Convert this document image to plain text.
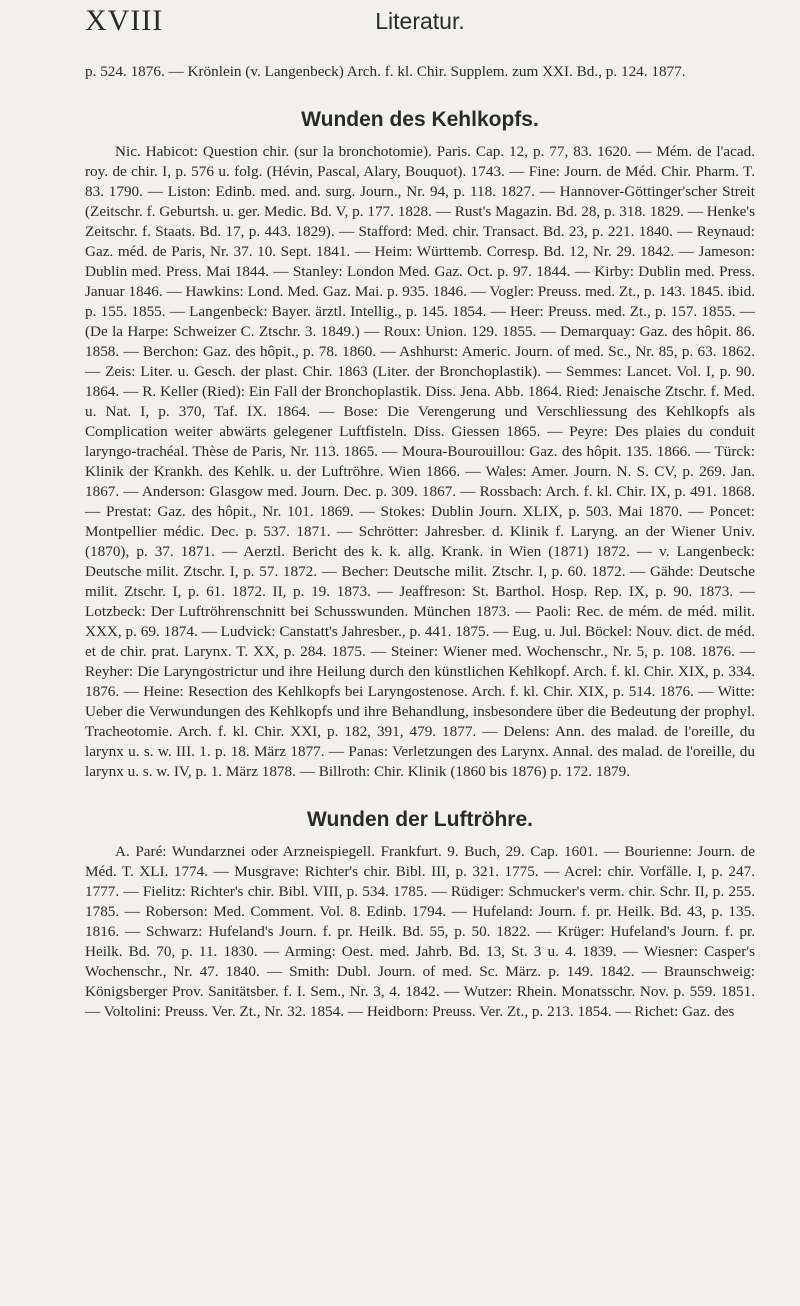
XVIII	Literatur.

p. 524. 1876. — Krönlein (v. Langenbeck) Arch. f. kl. Chir. Supplem. zum XXI. Bd., p. 124. 1877.

Wunden des Kehlkopfs.

Nic. Habicot: Question chir. (sur la bronchotomie). Paris. Cap. 12, p. 77, 83. 1620. — Mém. de l'acad. roy. de chir. I, p. 576 u. folg. (Hévin, Pascal, Alary, Bouquot). 1743. — Fine: Journ. de Méd. Chir. Pharm. T. 83. 1790. — Liston: Edinb. med. and. surg. Journ., Nr. 94, p. 118. 1827. — Hannover-Göttinger'scher Streit (Zeitschr. f. Geburtsh. u. ger. Medic. Bd. V, p. 177. 1828. — Rust's Magazin. Bd. 28, p. 318. 1829. — Henke's Zeitschr. f. Staats. Bd. 17, p. 443. 1829). — Stafford: Med. chir. Transact. Bd. 23, p. 221. 1840. — Reynaud: Gaz. méd. de Paris, Nr. 37. 10. Sept. 1841. — Heim: Württemb. Corresp. Bd. 12, Nr. 29. 1842. — Jameson: Dublin med. Press. Mai 1844. — Stanley: London Med. Gaz. Oct. p. 97. 1844. — Kirby: Dublin med. Press. Januar 1846. — Hawkins: Lond. Med. Gaz. Mai. p. 935. 1846. — Vogler: Preuss. med. Zt., p. 143. 1845. ibid. p. 155. 1855. — Langenbeck: Bayer. ärztl. Intellig., p. 145. 1854. — Heer: Preuss. med. Zt., p. 157. 1855. — (De la Harpe: Schweizer C. Ztschr. 3. 1849.) — Roux: Union. 129. 1855. — Demarquay: Gaz. des hôpit. 86. 1858. — Berchon: Gaz. des hôpit., p. 78. 1860. — Ashhurst: Americ. Journ. of med. Sc., Nr. 85, p. 63. 1862. — Zeis: Liter. u. Gesch. der plast. Chir. 1863 (Liter. der Bronchoplastik). — Semmes: Lancet. Vol. I, p. 90. 1864. — R. Keller (Ried): Ein Fall der Bronchoplastik. Diss. Jena. Abb. 1864. Ried: Jenaische Ztschr. f. Med. u. Nat. I, p. 370, Taf. IX. 1864. — Bose: Die Verengerung und Verschliessung des Kehlkopfs als Complication weiter abwärts gelegener Luftfisteln. Diss. Giessen 1865. — Peyre: Des plaies du conduit laryngo-trachéal. Thèse de Paris, Nr. 113. 1865. — Moura-Bourouillou: Gaz. des hôpit. 135. 1866. — Türck: Klinik der Krankh. des Kehlk. u. der Luftröhre. Wien 1866. — Wales: Amer. Journ. N. S. CV, p. 269. Jan. 1867. — Anderson: Glasgow med. Journ. Dec. p. 309. 1867. — Rossbach: Arch. f. kl. Chir. IX, p. 491. 1868. — Prestat: Gaz. des hôpit., Nr. 101. 1869. — Stokes: Dublin Journ. XLIX, p. 503. Mai 1870. — Poncet: Montpellier médic. Dec. p. 537. 1871. — Schrötter: Jahresber. d. Klinik f. Laryng. an der Wiener Univ. (1870), p. 37. 1871. — Aerztl. Bericht des k. k. allg. Krank. in Wien (1871) 1872. — v. Langenbeck: Deutsche milit. Ztschr. I, p. 57. 1872. — Becher: Deutsche milit. Ztschr. I, p. 60. 1872. — Gähde: Deutsche milit. Ztschr. I, p. 61. 1872. II, p. 19. 1873. — Jeaffreson: St. Barthol. Hosp. Rep. IX, p. 90. 1873. — Lotzbeck: Der Luftröhrenschnitt bei Schusswunden. München 1873. — Paoli: Rec. de mém. de méd. milit. XXX, p. 69. 1874. — Ludvick: Canstatt's Jahresber., p. 441. 1875. — Eug. u. Jul. Böckel: Nouv. dict. de méd. et de chir. prat. Larynx. T. XX, p. 284. 1875. — Steiner: Wiener med. Wochenschr., Nr. 5, p. 108. 1876. — Reyher: Die Laryngostrictur und ihre Heilung durch den künstlichen Kehlkopf. Arch. f. kl. Chir. XIX, p. 334. 1876. — Heine: Resection des Kehlkopfs bei Laryngostenose. Arch. f. kl. Chir. XIX, p. 514. 1876. — Witte: Ueber die Verwundungen des Kehlkopfs und ihre Behandlung, insbesondere über die Bedeutung der prophyl. Tracheotomie. Arch. f. kl. Chir. XXI, p. 182, 391, 479. 1877. — Delens: Ann. des malad. de l'oreille, du larynx u. s. w. III. 1. p. 18. März 1877. — Panas: Verletzungen des Larynx. Annal. des malad. de l'oreille, du larynx u. s. w. IV, p. 1. März 1878. — Billroth: Chir. Klinik (1860 bis 1876) p. 172. 1879.

Wunden der Luftröhre.

A. Paré: Wundarznei oder Arzneispiegell. Frankfurt. 9. Buch, 29. Cap. 1601. — Bourienne: Journ. de Méd. T. XLI. 1774. — Musgrave: Richter's chir. Bibl. III, p. 321. 1775. — Acrel: chir. Vorfälle. I, p. 247. 1777. — Fielitz: Richter's chir. Bibl. VIII, p. 534. 1785. — Rüdiger: Schmucker's verm. chir. Schr. II, p. 255. 1785. — Roberson: Med. Comment. Vol. 8. Edinb. 1794. — Hufeland: Journ. f. pr. Heilk. Bd. 43, p. 135. 1816. — Schwarz: Hufeland's Journ. f. pr. Heilk. Bd. 55, p. 50. 1822. — Krüger: Hufeland's Journ. f. pr. Heilk. Bd. 70, p. 11. 1830. — Arming: Oest. med. Jahrb. Bd. 13, St. 3 u. 4. 1839. — Wiesner: Casper's Wochenschr., Nr. 47. 1840. — Smith: Dubl. Journ. of med. Sc. März. p. 149. 1842. — Braunschweig: Königsberger Prov. Sanitätsber. f. I. Sem., Nr. 3, 4. 1842. — Wutzer: Rhein. Monatsschr. Nov. p. 559. 1851. — Voltolini: Preuss. Ver. Zt., Nr. 32. 1854. — Heidborn: Preuss. Ver. Zt., p. 213. 1854. — Richet: Gaz. des
